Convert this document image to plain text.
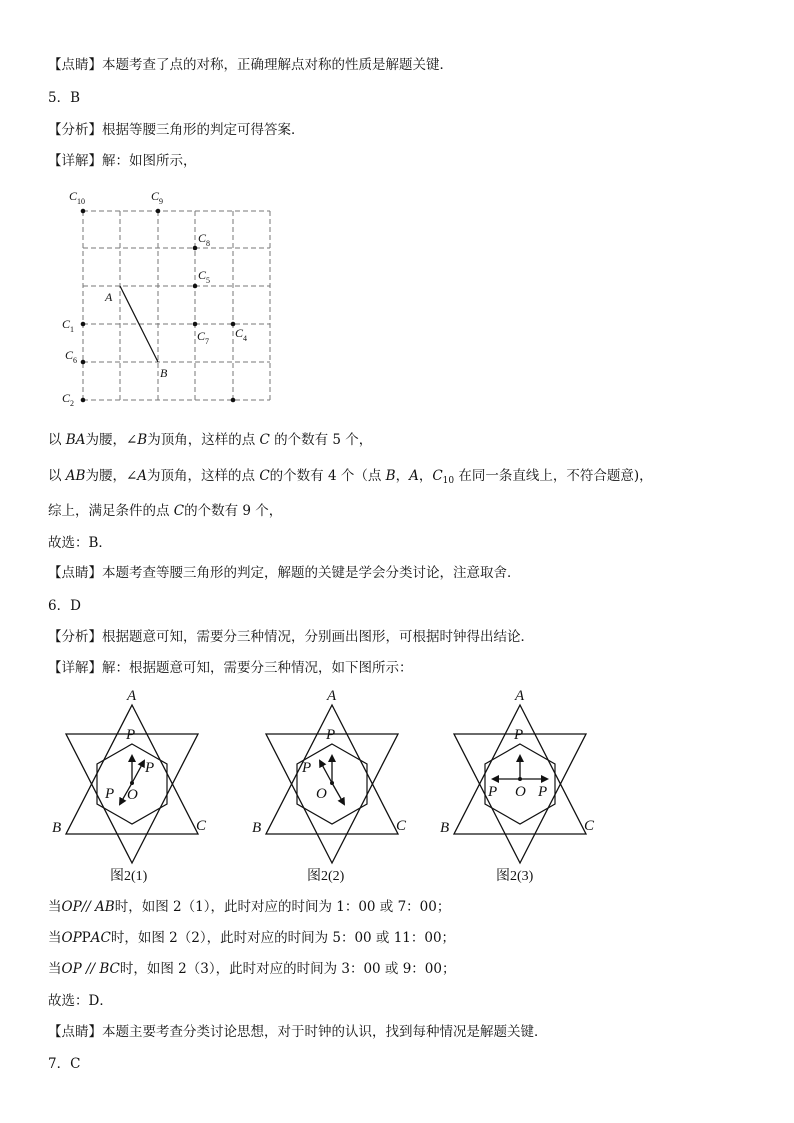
【点睛】本题考查了点的对称，正确理解点对称的性质是解题关键．
5．B
【分析】根据等腰三角形的判定可得答案．
【详解】解：如图所示，
$C_{10}$	$C_9$
$C_8$
$C_5$
A
$C_1$	$C_7$
$C_4$
$C_6$
B
$C_2$
以 BA为腰，∠B为顶角，这样的点 C 的个数有 5 个，
以 AB为腰，∠A为顶角，这样的点 C的个数有 4 个（点 B，A，$C_{10}$ 在同一条直线上，不符合题意)，
综上，满足条件的点 C的个数有 9 个，
故选：B．
【点睛】本题考查等腰三角形的判定，解题的关键是学会分类讨论，注意取舍．
6．D
【分析】根据题意可知，需要分三种情况，分别画出图形，可根据时钟得出结论．
【详解】解：根据题意可知，需要分三种情况，如下图所示：
A
P
B	C
O
P
P
A
P
B	C
O
P
A
P
B	C
O
P	P
图2(1)	图2(2)	图2(3)
当OP// AB时，如图 2（1），此时对应的时间为 1：00 或 7：00；
当OPPAC时，如图 2（2），此时对应的时间为 5：00 或 11：00；
当OP // BC时，如图 2（3），此时对应的时间为 3：00 或 9：00；
故选：D．
【点睛】本题主要考查分类讨论思想，对于时钟的认识，找到每种情况是解题关键．
7．C
